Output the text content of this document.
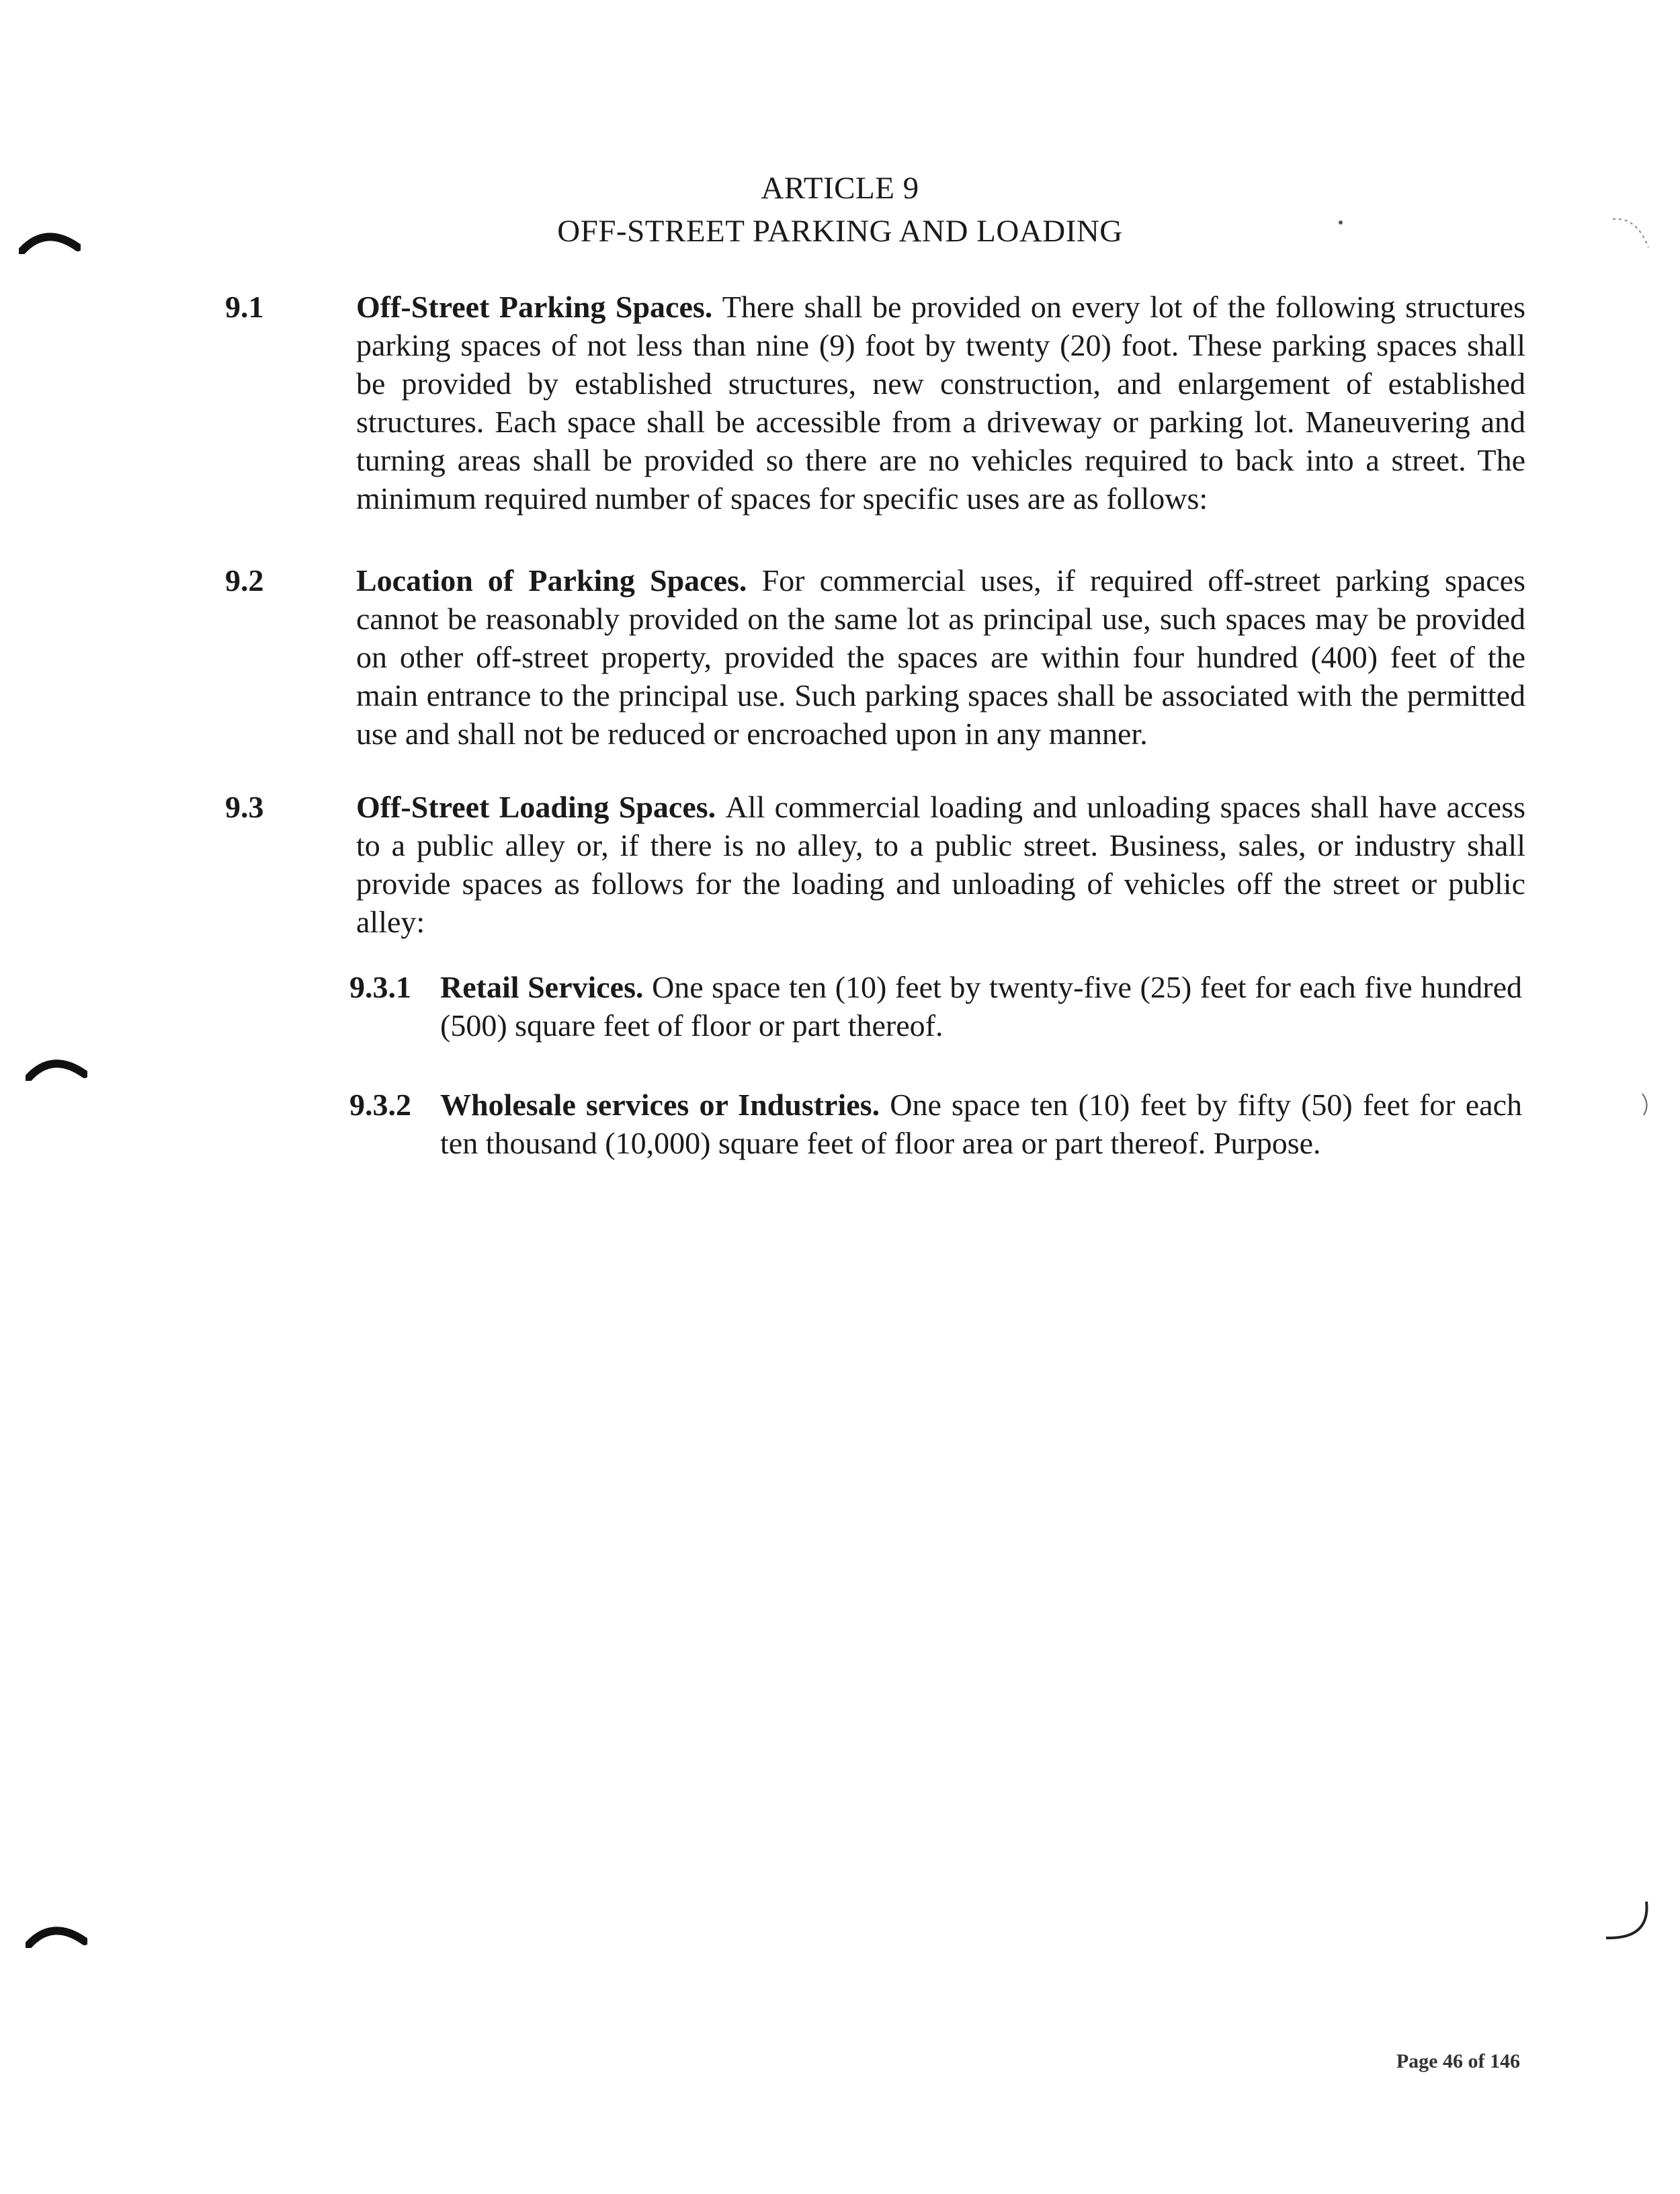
ARTICLE 9
OFF-STREET PARKING AND LOADING
9.1	Off-Street Parking Spaces. There shall be provided on every lot of the following structures parking spaces of not less than nine (9) foot by twenty (20) foot. These parking spaces shall be provided by established structures, new construction, and enlargement of established structures. Each space shall be accessible from a driveway or parking lot. Maneuvering and turning areas shall be provided so there are no vehicles required to back into a street. The minimum required number of spaces for specific uses are as follows:
9.2	Location of Parking Spaces. For commercial uses, if required off-street parking spaces cannot be reasonably provided on the same lot as principal use, such spaces may be provided on other off-street property, provided the spaces are within four hundred (400) feet of the main entrance to the principal use. Such parking spaces shall be associated with the permitted use and shall not be reduced or encroached upon in any manner.
9.3	Off-Street Loading Spaces. All commercial loading and unloading spaces shall have access to a public alley or, if there is no alley, to a public street. Business, sales, or industry shall provide spaces as follows for the loading and unloading of vehicles off the street or public alley:
9.3.1 Retail Services. One space ten (10) feet by twenty-five (25) feet for each five hundred (500) square feet of floor or part thereof.
9.3.2 Wholesale services or Industries. One space ten (10) feet by fifty (50) feet for each ten thousand (10,000) square feet of floor area or part thereof. Purpose.
Page 46 of 146
